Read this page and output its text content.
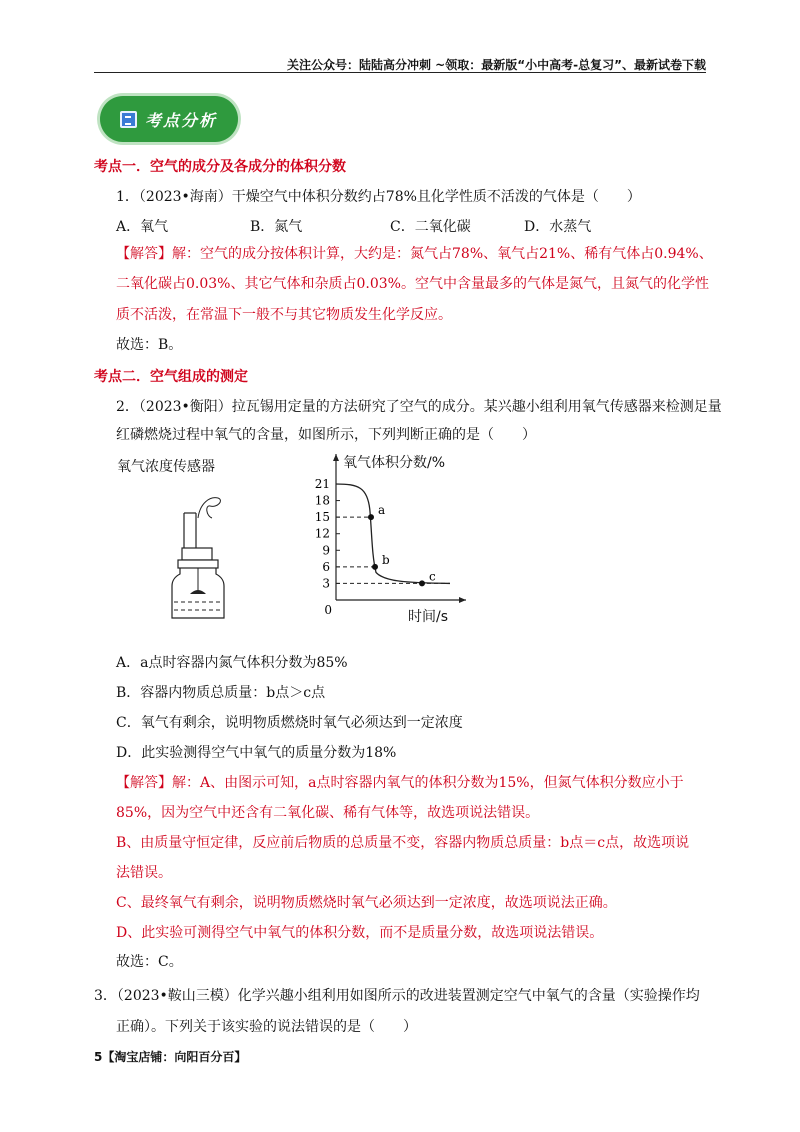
关注公众号：陆陆高分冲刺 ~领取：最新版“小中高考-总复习”、最新试卷下载
考点分析
考点一．空气的成分及各成分的体积分数
1．（2023•海南）干燥空气中体积分数约占78%且化学性质不活泼的气体是（　　）
A．氧气	B．氮气	C．二氧化碳	D．水蒸气
【解答】解：空气的成分按体积计算，大约是：氮气占78%、氧气占21%、稀有气体占0.94%、
二氧化碳占0.03%、其它气体和杂质占0.03%。空气中含量最多的气体是氮气，且氮气的化学性
质不活泼，在常温下一般不与其它物质发生化学反应。
故选：B。
考点二．空气组成的测定
2．（2023•衡阳）拉瓦锡用定量的方法研究了空气的成分。某兴趣小组利用氧气传感器来检测足量
红磷燃烧过程中氧气的含量，如图所示，下列判断正确的是（　　）
氧气浓度传感器	氧气体积分数/%
时间/s
21
18
15
12
9
6
3
0
a
b
c
A．a点时容器内氮气体积分数为85%
B．容器内物质总质量：b点＞c点
C．氧气有剩余，说明物质燃烧时氧气必须达到一定浓度
D．此实验测得空气中氧气的质量分数为18%
【解答】解：A、由图示可知，a点时容器内氧气的体积分数为15%，但氮气体积分数应小于
85%，因为空气中还含有二氧化碳、稀有气体等，故选项说法错误。
B、由质量守恒定律，反应前后物质的总质量不变，容器内物质总质量：b点＝c点，故选项说
法错误。
C、最终氧气有剩余，说明物质燃烧时氧气必须达到一定浓度，故选项说法正确。
D、此实验可测得空气中氧气的体积分数，而不是质量分数，故选项说法错误。
故选：C。
3．（2023•鞍山三模）化学兴趣小组利用如图所示的改进装置测定空气中氧气的含量（实验操作均
正确）。下列关于该实验的说法错误的是（　　）
5【淘宝店铺：向阳百分百】
